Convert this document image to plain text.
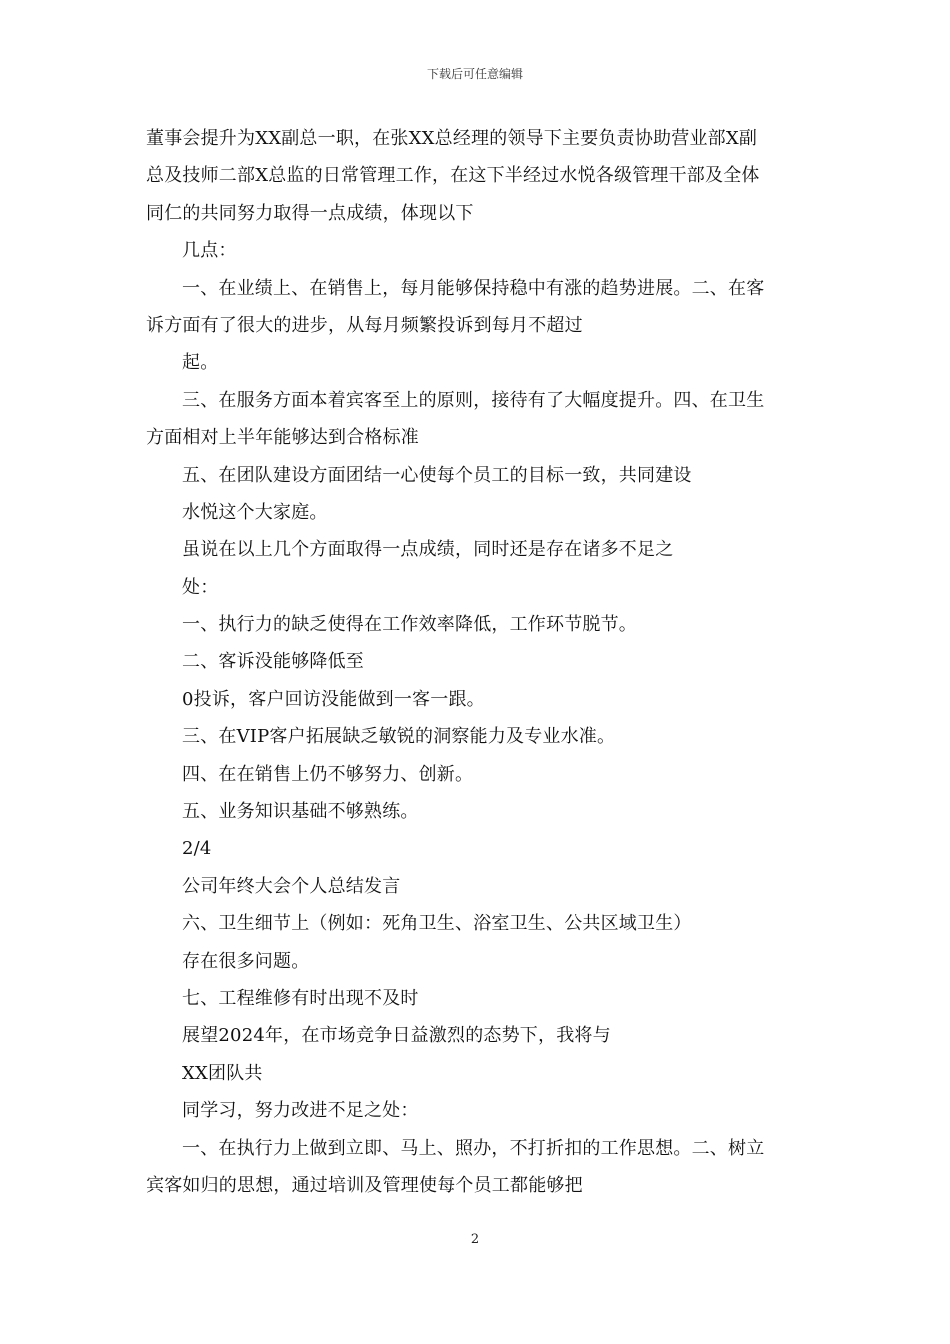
下载后可任意编辑
董事会提升为XX副总一职，在张XX总经理的领导下主要负责协助营业部X副
总及技师二部X总监的日常管理工作，在这下半经过水悦各级管理干部及全体
同仁的共同努力取得一点成绩，体现以下
几点：
一、在业绩上、在销售上，每月能够保持稳中有涨的趋势进展。二、在客
诉方面有了很大的进步，从每月频繁投诉到每月不超过
起。
三、在服务方面本着宾客至上的原则，接待有了大幅度提升。四、在卫生
方面相对上半年能够达到合格标准
五、在团队建设方面团结一心使每个员工的目标一致，共同建设
水悦这个大家庭。
虽说在以上几个方面取得一点成绩，同时还是存在诸多不足之
处：
一、执行力的缺乏使得在工作效率降低，工作环节脱节。
二、客诉没能够降低至
0投诉，客户回访没能做到一客一跟。
三、在VIP客户拓展缺乏敏锐的洞察能力及专业水准。
四、在在销售上仍不够努力、创新。
五、业务知识基础不够熟练。
2/4
公司年终大会个人总结发言
六、卫生细节上（例如：死角卫生、浴室卫生、公共区域卫生）
存在很多问题。
七、工程维修有时出现不及时
展望2024年，在市场竞争日益激烈的态势下，我将与
XX团队共
同学习，努力改进不足之处：
一、在执行力上做到立即、马上、照办，不打折扣的工作思想。二、树立
宾客如归的思想，通过培训及管理使每个员工都能够把
2
